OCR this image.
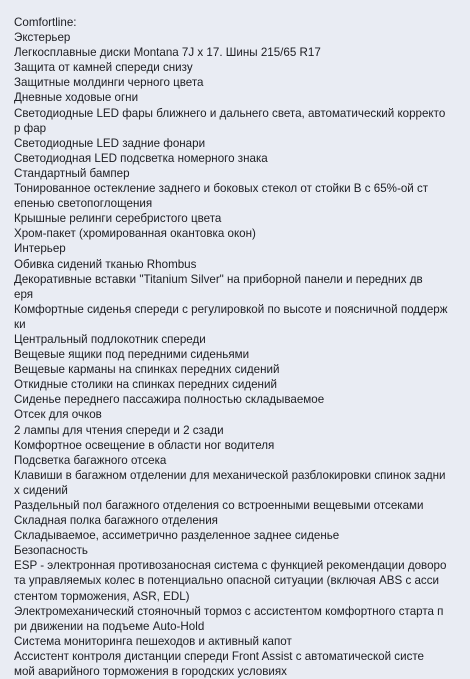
Comfortline:

Экстерьер

Легкосплавные диски Montana 7J x 17. Шины 215/65 R17

Защита от камней спереди снизу

Защитные молдинги черного цвета

Дневные ходовые огни

Светодиодные LED фары ближнего и дальнего света, автоматический корректо
р фар

Светодиодные LED задние фонари

Светодиодная LED подсветка номерного знака

Стандартный бампер

Тонированное остекление заднего и боковых стекол от стойки В с 65%-ой ст
епенью светопоглощения

Крышные релинги серебристого цвета

Хром-пакет (хромированная окантовка окон)

Интерьер

Обивка сидений тканью Rhombus

Декоративные вставки "Titanium Silver" на приборной панели и передних дв
еря

Комфортные сиденья спереди с регулировкой по высоте и поясничной поддерж
ки

Центральный подлокотник спереди

Вещевые ящики под передними сиденьями

Вещевые карманы на спинках передних сидений

Откидные столики на спинках передних сидений

Сиденье переднего пассажира полностью складываемое

Отсек для очков

2 лампы для чтения спереди и 2 сзади

Комфортное освещение в области ног водителя

Подсветка багажного отсека

Клавиши в багажном отделении для механической разблокировки спинок задни
х сидений

Раздельный пол багажного отделения со встроенными вещевыми отсеками

Складная полка багажного отделения

Складываемое, ассиметрично разделенное заднее сиденье

Безопасность

ESP - электронная противозаносная система с функцией рекомендации доворо
та управляемых колес в потенциально опасной ситуации (включая ABS с асси
стентом торможения, ASR, EDL)

Электромеханический стояночный тормоз с ассистентом комфортного старта п
ри движении на подъеме Auto-Hold

Система мониторинга пешеходов и активный капот

Ассистент контроля дистанции спереди Front Assist с автоматической систе
мой аварийного торможения в городских условиях
